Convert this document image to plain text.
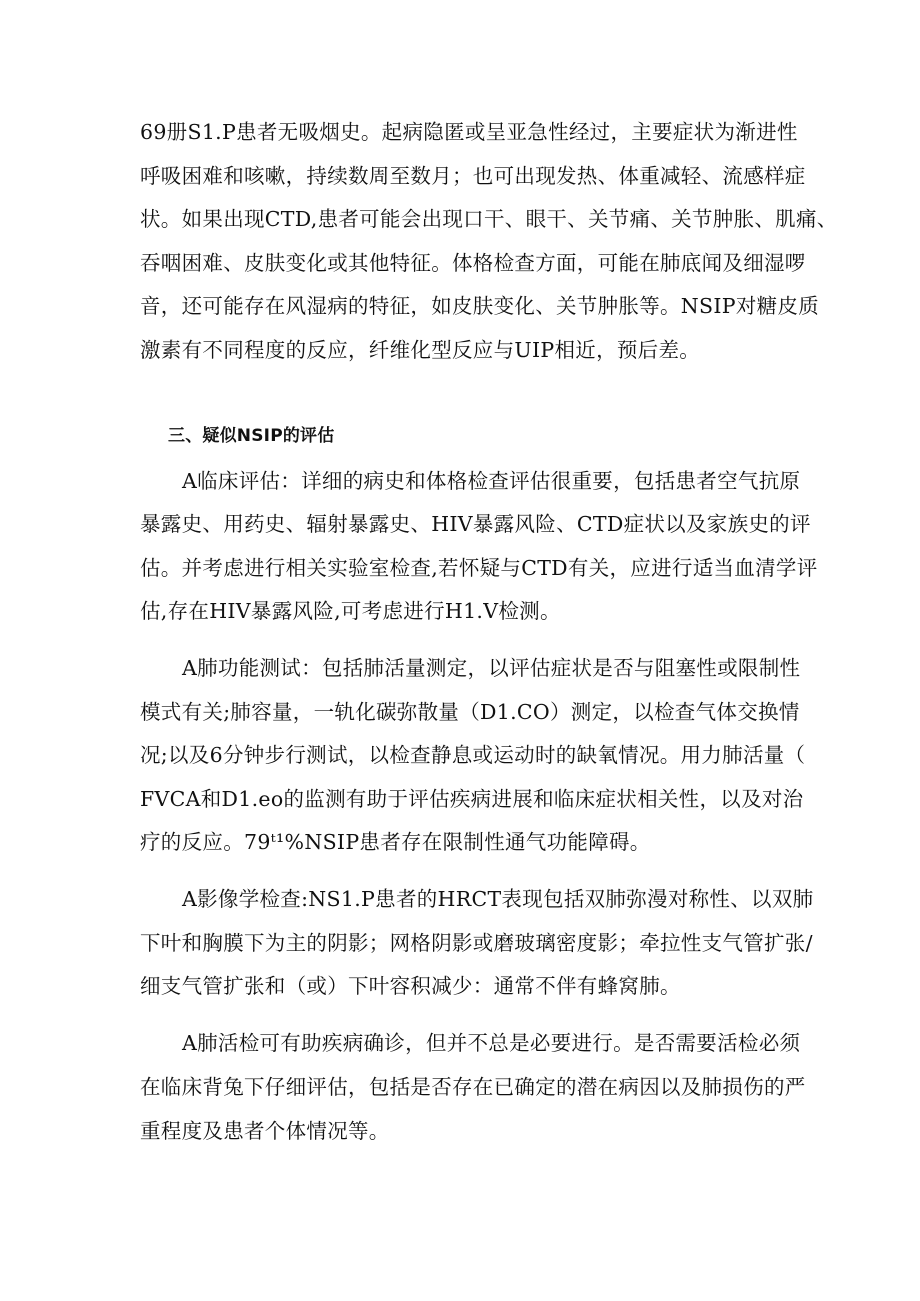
69册S1.P患者无吸烟史。起病隐匿或呈亚急性经过，主要症状为渐进性

呼吸困难和咳嗽，持续数周至数月；也可出现发热、体重减轻、流感样症

状。如果出现CTD,患者可能会出现口干、眼干、关节痛、关节肿胀、肌痛、

吞咽困难、皮肤变化或其他特征。体格检查方面，可能在肺底闻及细湿啰

音，还可能存在风湿病的特征，如皮肤变化、关节肿胀等。NSIP对糖皮质

激素有不同程度的反应，纤维化型反应与UIP相近，预后差。

三、疑似NSIP的评估

A临床评估：详细的病史和体格检查评估很重要，包括患者空气抗原

暴露史、用药史、辐射暴露史、HIV暴露风险、CTD症状以及家族史的评

估。并考虑进行相关实验室检查,若怀疑与CTD有关，应进行适当血清学评

估,存在HIV暴露风险,可考虑进行H1.V检测。

A肺功能测试：包括肺活量测定，以评估症状是否与阻塞性或限制性

模式有关;肺容量，一轨化碳弥散量（D1.CO）测定，以检查气体交换情

况;以及6分钟步行测试，以检查静息或运动时的缺氧情况。用力肺活量（

FVCA和D1.eo的监测有助于评估疾病进展和临床症状相关性，以及对治

疗的反应。79ᵗ¹%NSIP患者存在限制性通气功能障碍。

A影像学检查:NS1.P患者的HRCT表现包括双肺弥漫对称性、以双肺

下叶和胸膜下为主的阴影；网格阴影或磨玻璃密度影；牵拉性支气管扩张/

细支气管扩张和（或）下叶容积减少：通常不伴有蜂窝肺。

A肺活检可有助疾病确诊，但并不总是必要进行。是否需要活检必须

在临床背兔下仔细评估，包括是否存在已确定的潜在病因以及肺损伤的严

重程度及患者个体情况等。
